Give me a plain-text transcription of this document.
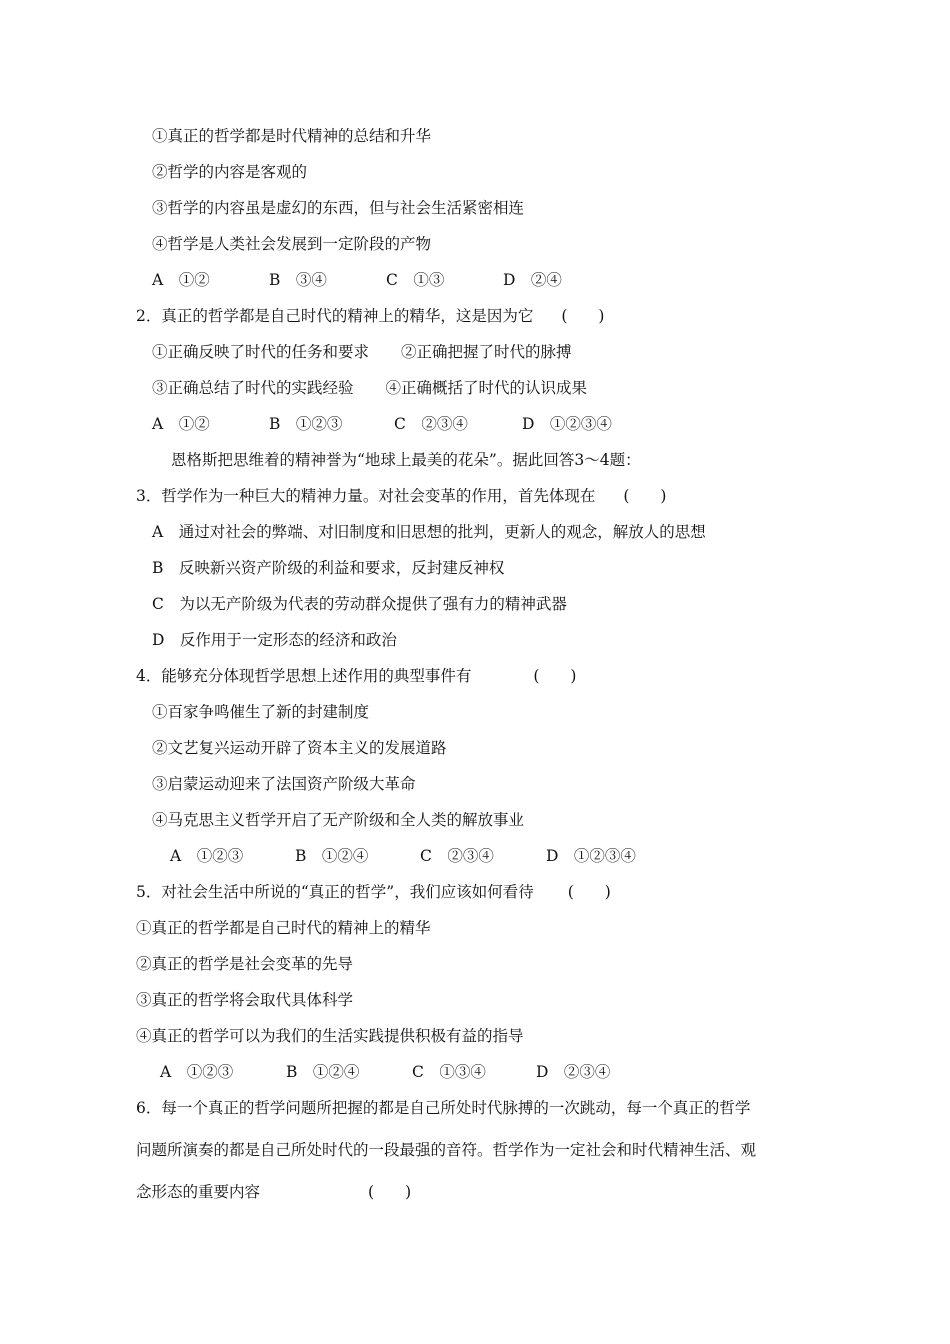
①真正的哲学都是时代精神的总结和升华
②哲学的内容是客观的
③哲学的内容虽是虚幻的东西，但与社会生活紧密相连
④哲学是人类社会发展到一定阶段的产物
A　①②	B　③④	C　①③	D　②④
2．真正的哲学都是自己时代的精神上的精华，这是因为它 (　　)
①正确反映了时代的任务和要求 ②正确把握了时代的脉搏
③正确总结了时代的实践经验 ④正确概括了时代的认识成果
A　①②	B　①②③	C　②③④	D　①②③④
恩格斯把思维着的精神誉为“地球上最美的花朵”。据此回答3～4题：
3．哲学作为一种巨大的精神力量。对社会变革的作用，首先体现在 (　　)
A　通过对社会的弊端、对旧制度和旧思想的批判，更新人的观念，解放人的思想
B　反映新兴资产阶级的利益和要求，反封建反神权
C　为以无产阶级为代表的劳动群众提供了强有力的精神武器
D　反作用于一定形态的经济和政治
4．能够充分体现哲学思想上述作用的典型事件有	(　　)
①百家争鸣催生了新的封建制度
②文艺复兴运动开辟了资本主义的发展道路
③启蒙运动迎来了法国资产阶级大革命
④马克思主义哲学开启了无产阶级和全人类的解放事业
A　①②③	B　①②④	C　②③④	D　①②③④
5．对社会生活中所说的“真正的哲学”，我们应该如何看待 (　　)
①真正的哲学都是自己时代的精神上的精华
②真正的哲学是社会变革的先导
③真正的哲学将会取代具体科学
④真正的哲学可以为我们的生活实践提供积极有益的指导
A　①②③	B　①②④	C　①③④	D　②③④
6．每一个真正的哲学问题所把握的都是自己所处时代脉搏的一次跳动，每一个真正的哲学
问题所演奏的都是自己所处时代的一段最强的音符。哲学作为一定社会和时代精神生活、观
念形态的重要内容	(　　)
